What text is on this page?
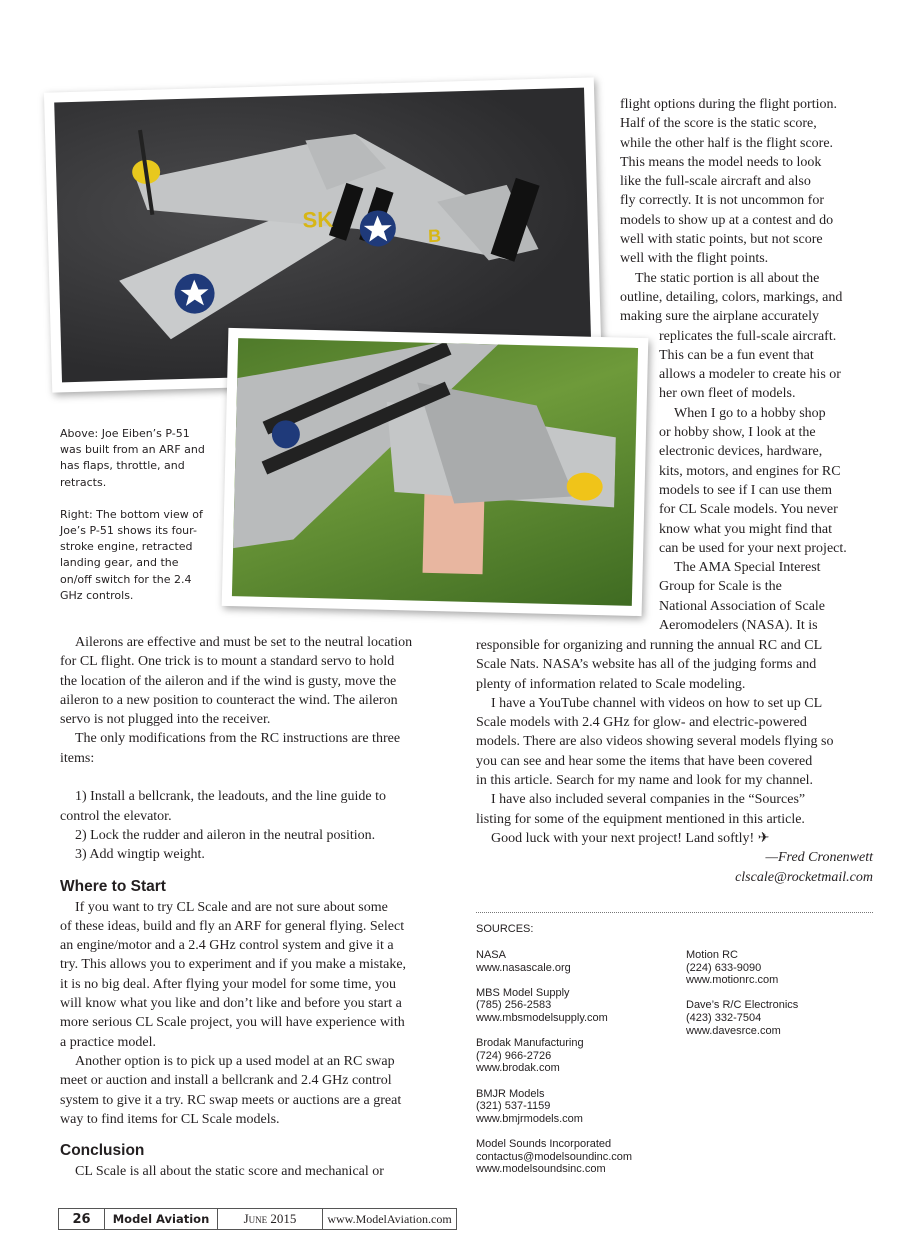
SK
B

Above: Joe Eiben’s P-51 was built from an ARF and has flaps, throttle, and retracts.

Right: The bottom view of Joe’s P-51 shows its four-stroke engine, retracted landing gear, and the on/off switch for the 2.4 GHz controls.

flight options during the flight portion.
Half of the score is the static score,
while the other half is the flight score.
This means the model needs to look
like the full-scale aircraft and also
fly correctly. It is not uncommon for
models to show up at a contest and do
well with static points, but not score
well with the flight points.
The static portion is all about the
outline, detailing, colors, markings, and
making sure the airplane accurately
replicates the full-scale aircraft.
This can be a fun event that
allows a modeler to create his or
her own fleet of models.
When I go to a hobby shop
or hobby show, I look at the
electronic devices, hardware,
kits, motors, and engines for RC
models to see if I can use them
for CL Scale models. You never
know what you might find that
can be used for your next project.
The AMA Special Interest
Group for Scale is the
National Association of Scale
Aeromodelers (NASA). It is
responsible for organizing and running the annual RC and CL
Scale Nats. NASA’s website has all of the judging forms and
plenty of information related to Scale modeling.
I have a YouTube channel with videos on how to set up CL
Scale models with 2.4 GHz for glow- and electric-powered
models. There are also videos showing several models flying so
you can see and hear some the items that have been covered
in this article. Search for my name and look for my channel.
I have also included several companies in the “Sources”
listing for some of the equipment mentioned in this article.
Good luck with your next project! Land softly! ✈
—Fred Cronenwett
clscale@rocketmail.com
Ailerons are effective and must be set to the neutral location
for CL flight. One trick is to mount a standard servo to hold
the location of the aileron and if the wind is gusty, move the
aileron to a new position to counteract the wind. The aileron
servo is not plugged into the receiver.
The only modifications from the RC instructions are three
items:
1) Install a bellcrank, the leadouts, and the line guide to
control the elevator.
2) Lock the rudder and aileron in the neutral position.
3) Add wingtip weight.
Where to Start
If you want to try CL Scale and are not sure about some
of these ideas, build and fly an ARF for general flying. Select
an engine/motor and a 2.4 GHz control system and give it a
try. This allows you to experiment and if you make a mistake,
it is no big deal. After flying your model for some time, you
will know what you like and don’t like and before you start a
more serious CL Scale project, you will have experience with
a practice model.
Another option is to pick up a used model at an RC swap
meet or auction and install a bellcrank and 2.4 GHz control
system to give it a try. RC swap meets or auctions are a great
way to find items for CL Scale models.
Conclusion
CL Scale is all about the static score and mechanical or
SOURCES:
NASA
www.nasascale.org
MBS Model Supply
(785) 256-2583
www.mbsmodelsupply.com
Brodak Manufacturing
(724) 966-2726
www.brodak.com
BMJR Models
(321) 537-1159
www.bmjrmodels.com
Model Sounds Incorporated
contactus@modelsoundinc.com
www.modelsoundsinc.com
Motion RC
(224) 633-9090
www.motionrc.com
Dave’s R/C Electronics
(423) 332-7504
www.davesrce.com
26	Model Aviation	June 2015	www.ModelAviation.com
